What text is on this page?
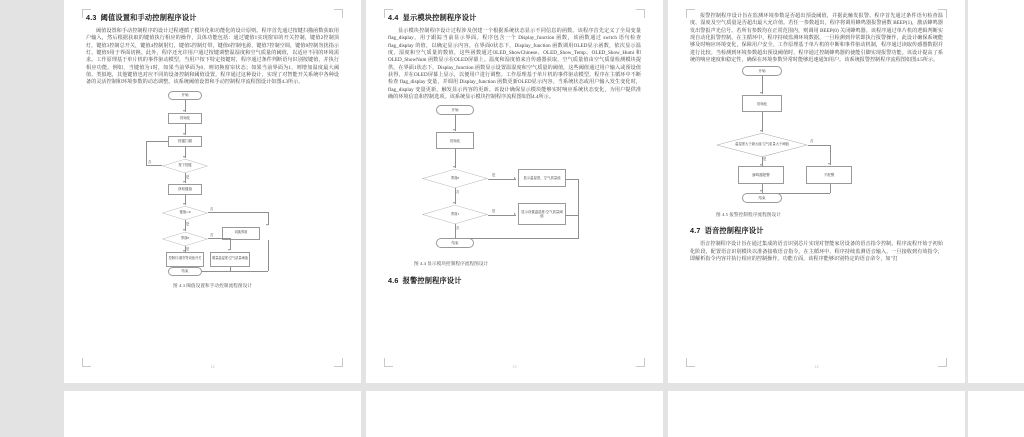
4.3 阈值设置和手动控制程序设计

阈值设置和手动控制程序的设计过程遵循了模块化和功能化的设计原则。程序首先通过按键扫描函数获取用户输入，然后根据获取的键值执行相应的操作，具体功能包括：通过键值1实现窗帘的开关控制，键值2控制顶灯，键值3控制总开关，键值4控制射灯，键值5控制灯带，键值6控制电源，键值7控制空调，键值8控制勿扰指示灯，键值9用于界面切换。此外，程序还允许用户通过按键调整温湿度和空气质量的阈值，以适应不同的环境需求。工作原理基于单片机的事件驱动模型，当用户按下特定按键时，程序通过条件判断语句识别按键值，并执行相应功能。例如，当键值为1时，如果当前界面为0，则切换窗帘状态；如果当前界面为1，则增加温度最大阈值。类似地，其他键值也对应不同的设备控制和阈值设置。程序通过这种设计，实现了对智能开关系统中各种设备的灵活控制和环境参数的动态调整。该系统阈值设置和手动控制程序流程图设计如图4.3所示。

开始
初始化
按键扫描
按下按键
否
是
获取键值
键值1-8
否
是
界面0
切换界面
否
是
控制灯/窗帘等设备开关	增量温湿度/空气质量阈值
结束
图 4.3 阈值设置和手动控制流程图设计
12
4.4 显示模块控制程序设计

显示模块控制程序设计过程涉及创建一个根据系统状态显示不同信息的函数。该程序首先定义了全局变量 flag_display，用于跟踪当前显示界面。程序包含一个 Display_function 函数，该函数通过 switch 语句检查 flag_display 的值，以确定显示内容。在界面0状态下，Display_function 函数调用OLED显示函数，依次显示温度、湿度和空气质量的数值，这些函数通过OLED_ShowChinese、OLED_Show_Temp、OLED_Show_Humi 和 OLED_ShowNum 函数显示在OLED屏幕上。温度和湿度值来自传感器获取，空气质量值由空气质量检测模块提供。在界面1状态下，Display_function 函数显示设置温湿度和空气质量的阈值，这些阈值通过用户输入或预设值获得，并在OLED屏幕上显示，以便用户进行调整。工作原理基于单片机的事件驱动模型。程序在主循环中不断检查 flag_display 变量，并调用 Display_function 函数更新OLED显示内容。当系统状态或用户输入发生变化时，flag_display 变量更新，触发显示内容的更新。该设计确保显示模块能够实时响应系统状态变化，为用户提供准确的环境信息和控制选项。该系统显示模块控制程序流程图如图4.4所示。

开始
初始化
界面0
是
显示温湿度、空气质量值
否
界面1
是	显示设置温湿度/空气质量阈值
否
结束
图 4.4 显示模块控制程序流程图设计
4.6 报警控制程序设计
13

报警控制程序设计旨在监测环境参数是否超出预设阈值，并据此触发报警。程序首先通过条件语句检查温度、湿度及空气质量是否超出最大允许值。若任一参数超出，程序将调用蜂鸣器报警函数 BEEP(1)，激活蜂鸣器发出警报声光信号。若所有参数均在正常范围内，则调用 BEEP(0) 关闭蜂鸣器。该程序通过单片机的逻辑判断实现自动化报警控制。在主循环中，程序持续监测环境数据，一旦检测到异常即执行报警操作，此设计确保系统能够及时响应环境变化，保障用户安全。工作原理基于单片机的中断和事件驱动机制，程序通过读取传感器数据并进行比较。当检测到环境参数超出预设阈值时，程序通过控制蜂鸣器的使能引脚实现报警功能。该设计提高了系统的响应速度和稳定性，确保在环境参数异常时能够迅速通知用户。该系统报警控制程序流程图如图4.5所示。

开始
初始化
温湿度大于最大值/空气质量大于阈值
否
是
蜂鸣器报警	不报警
结束
图 4.5 报警控制程序流程图设计
4.7 语音控制程序设计

语音控制程序设计旨在通过集成的语音识别芯片实现对智能家居设备的语音指令控制。程序流程开始于初始化阶段，配置语音识别模块以准备接收语音指令。在主循环中，程序持续监测语音输入，一旦接收到有效指令，即解析指令内容并执行相应的控制操作。功能方面，该程序能够识别特定的语音命令，如"打

14
